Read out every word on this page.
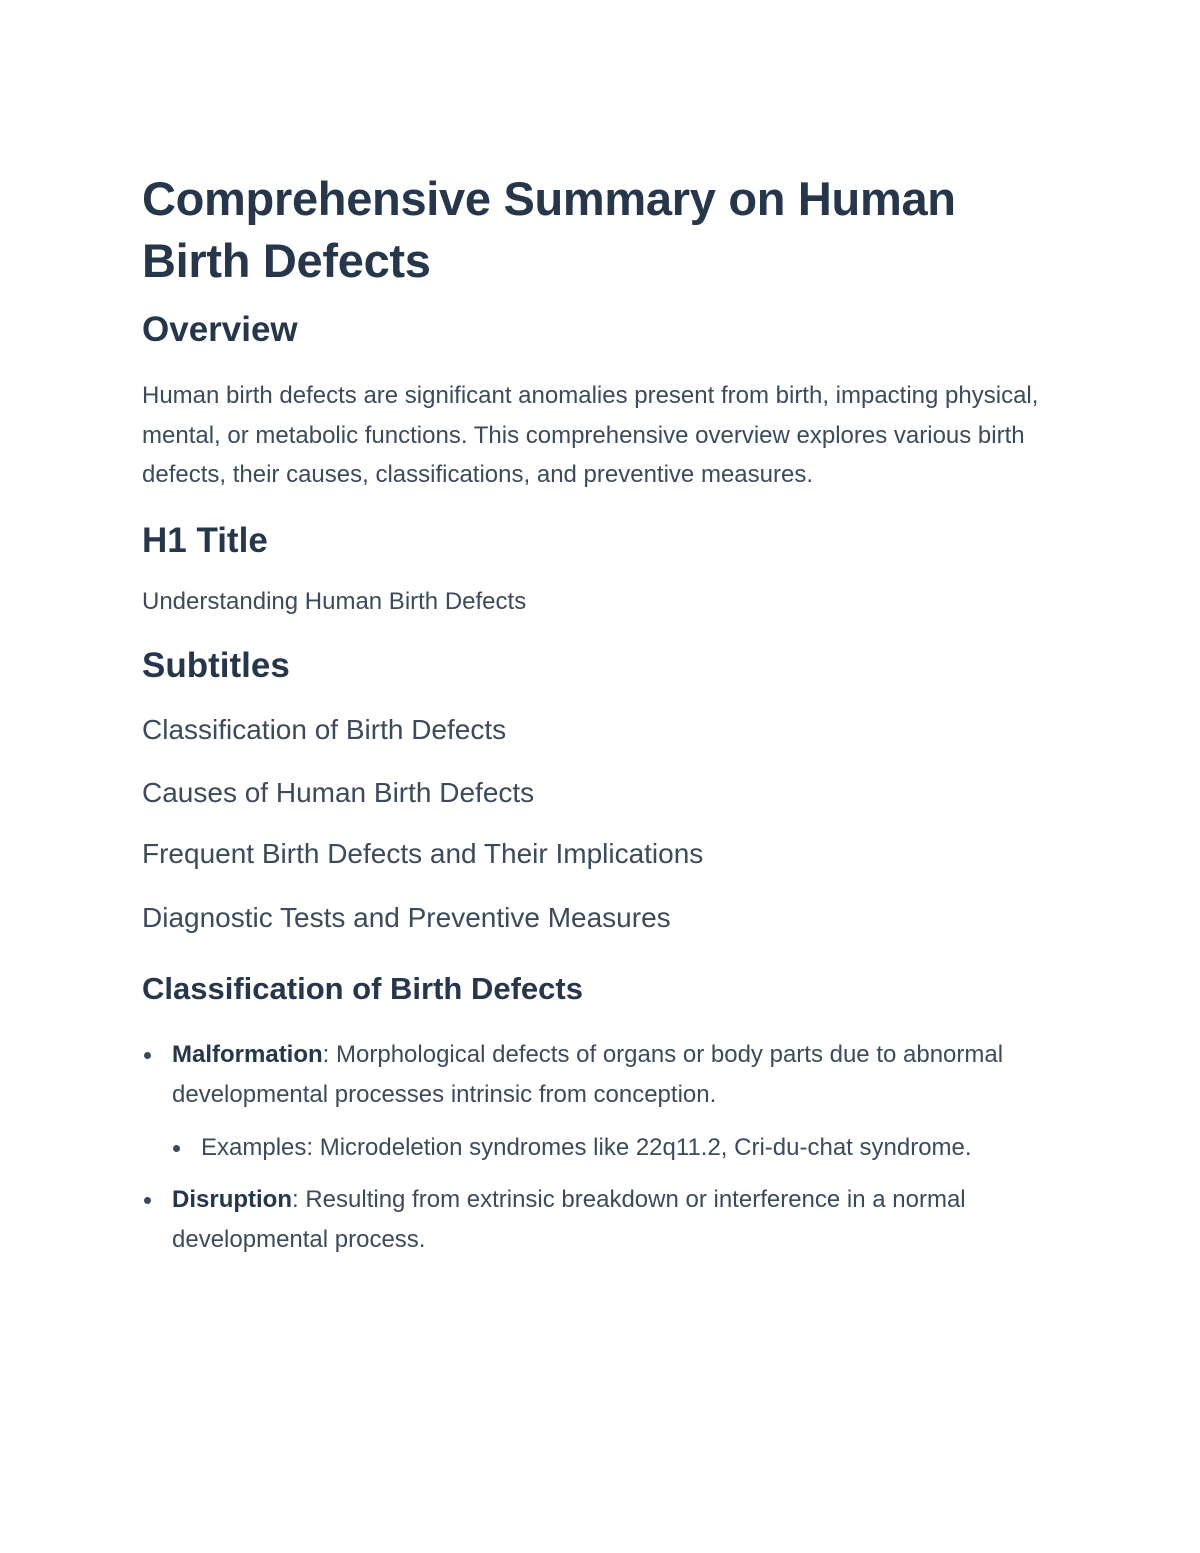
Comprehensive Summary on Human Birth Defects
Overview

Human birth defects are significant anomalies present from birth, impacting physical, mental, or metabolic functions. This comprehensive overview explores various birth defects, their causes, classifications, and preventive measures.

H1 Title

Understanding Human Birth Defects

Subtitles
Classification of Birth Defects
Causes of Human Birth Defects
Frequent Birth Defects and Their Implications
Diagnostic Tests and Preventive Measures
Classification of Birth Defects
Malformation: Morphological defects of organs or body parts due to abnormal developmental processes intrinsic from conception.
Examples: Microdeletion syndromes like 22q11.2, Cri-du-chat syndrome.
Disruption: Resulting from extrinsic breakdown or interference in a normal developmental process.
